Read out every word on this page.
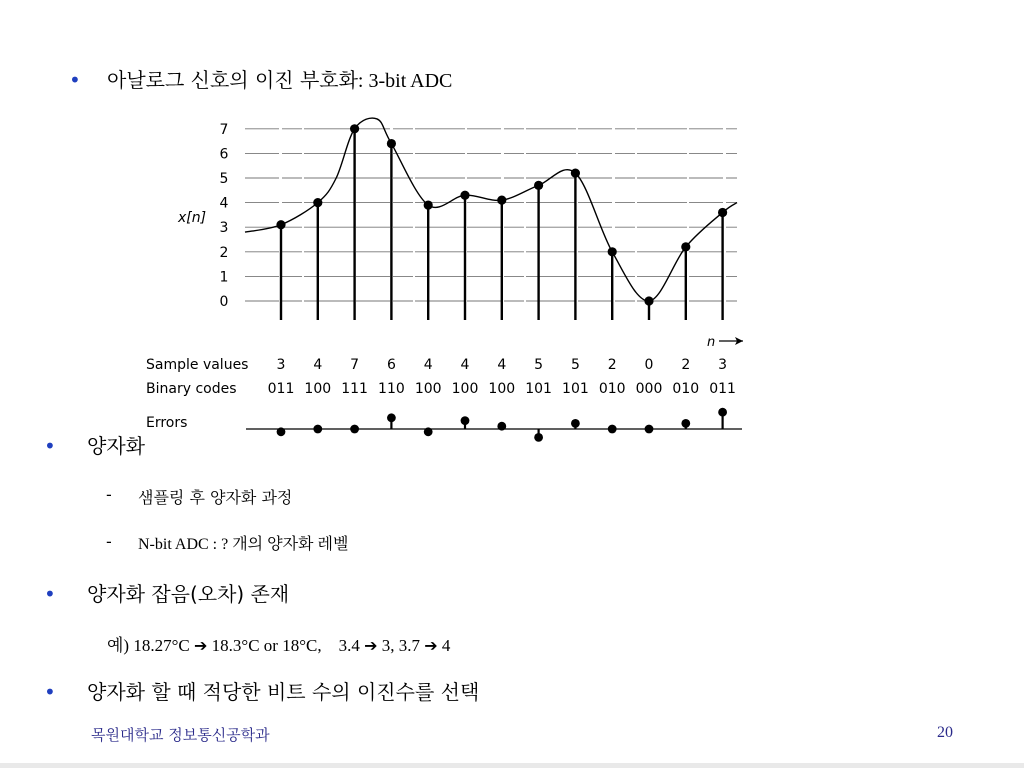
• 아날로그 신호의 이진 부호화: 3-bit ADC
0
1
2
3
4
5
6
7
x[n]
n
Sample values
Binary codes
Errors
3 4 7 6 4 4 4 5 5 2 0 2 3
011 100 111 110 100 100 100 101 101 010 000 010 011
• 양자화
- 샘플링 후 양자화 과정
- N-bit ADC : ? 개의 양자화 레벨
• 양자화 잡음(오차) 존재
예) 18.27°C ➔ 18.3°C or 18°C, 3.4 ➔ 3, 3.7 ➔ 4
• 양자화 할 때 적당한 비트 수의 이진수를 선택
목원대학교 정보통신공학과	20
